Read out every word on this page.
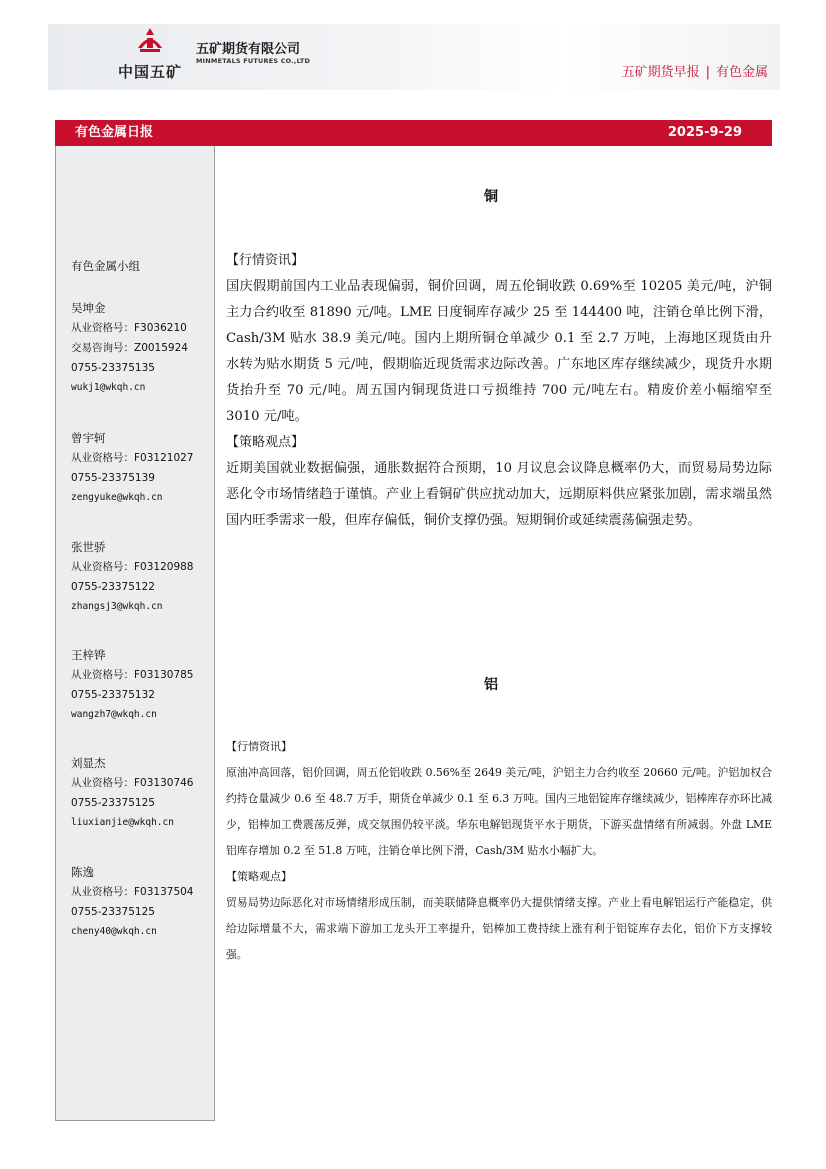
中国五矿
五矿期货有限公司
MINMETALS FUTURES CO.,LTD
五矿期货早报 | 有色金属
有色金属日报	2025-9-29
有色金属小组
吴坤金
从业资格号：F3036210
交易咨询号：Z0015924
0755-23375135
wukj1@wkqh.cn
曾宇轲
从业资格号：F03121027
0755-23375139
zengyuke@wkqh.cn
张世骄
从业资格号：F03120988
0755-23375122
zhangsj3@wkqh.cn
王梓铧
从业资格号：F03130785
0755-23375132
wangzh7@wkqh.cn
刘显杰
从业资格号：F03130746
0755-23375125
liuxianjie@wkqh.cn
陈逸
从业资格号：F03137504
0755-23375125
cheny40@wkqh.cn
铜

【行情资讯】

国庆假期前国内工业品表现偏弱，铜价回调，周五伦铜收跌 0.69%至 10205 美元/吨，沪铜主力合约收至 81890 元/吨。LME 日度铜库存减少 25 至 144400 吨，注销仓单比例下滑，Cash/3M 贴水 38.9 美元/吨。国内上期所铜仓单减少 0.1 至 2.7 万吨，上海地区现货由升水转为贴水期货 5 元/吨，假期临近现货需求边际改善。广东地区库存继续减少，现货升水期货抬升至 70 元/吨。周五国内铜现货进口亏损维持 700 元/吨左右。精废价差小幅缩窄至 3010 元/吨。

【策略观点】

近期美国就业数据偏强，通胀数据符合预期，10 月议息会议降息概率仍大，而贸易局势边际恶化令市场情绪趋于谨慎。产业上看铜矿供应扰动加大，远期原料供应紧张加剧，需求端虽然国内旺季需求一般，但库存偏低，铜价支撑仍强。短期铜价或延续震荡偏强走势。

铝

【行情资讯】

原油冲高回落，铝价回调，周五伦铝收跌 0.56%至 2649 美元/吨，沪铝主力合约收至 20660 元/吨。沪铝加权合约持仓量减少 0.6 至 48.7 万手，期货仓单减少 0.1 至 6.3 万吨。国内三地铝锭库存继续减少，铝棒库存亦环比减少，铝棒加工费震荡反弹，成交氛围仍较平淡。华东电解铝现货平水于期货，下游买盘情绪有所减弱。外盘 LME 铝库存增加 0.2 至 51.8 万吨，注销仓单比例下滑，Cash/3M 贴水小幅扩大。

【策略观点】

贸易局势边际恶化对市场情绪形成压制，而美联储降息概率仍大提供情绪支撑。产业上看电解铝运行产能稳定，供给边际增量不大，需求端下游加工龙头开工率提升，铝棒加工费持续上涨有利于铝锭库存去化，铝价下方支撑较强。
